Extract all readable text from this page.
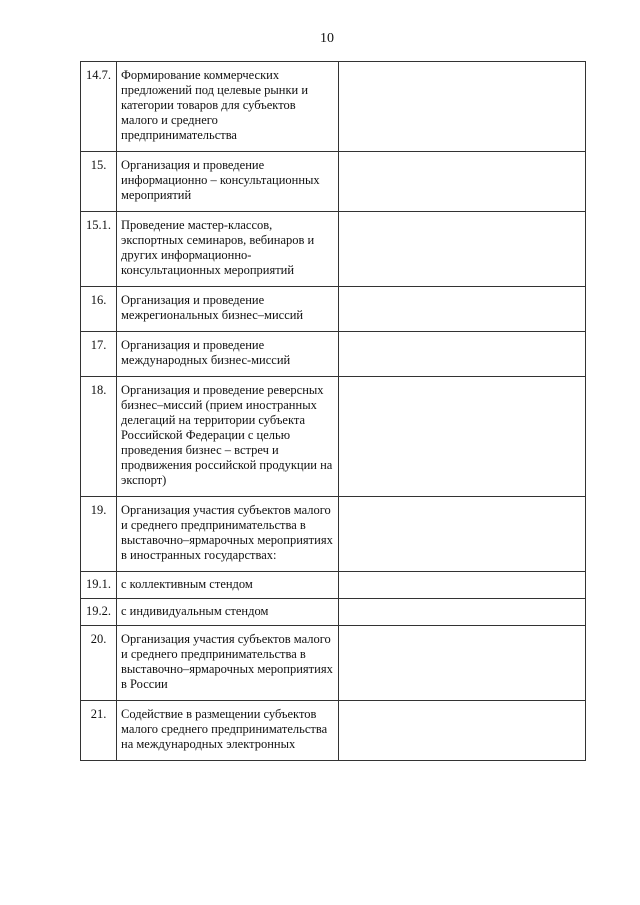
10
14.7.	Формирование коммерческих предложений под целевые рынки и категории товаров для субъектов малого и среднего предпринимательства	
15.	Организация и проведение информационно – консультационных мероприятий	
15.1.	Проведение мастер-классов, экспортных семинаров, вебинаров и других информационно-консультационных мероприятий	
16.	Организация и проведение межрегиональных бизнес–миссий	
17.	Организация и проведение международных бизнес-миссий	
18.	Организация и проведение реверсных бизнес–миссий (прием иностранных делегаций на территории субъекта Российской Федерации с целью проведения бизнес – встреч и продвижения российской продукции на экспорт)	
19.	Организация участия субъектов малого и среднего предпринимательства в выставочно–ярмарочных мероприятиях в иностранных государствах:	
19.1.	с коллективным стендом	
19.2.	с индивидуальным стендом	
20.	Организация участия субъектов малого и среднего предпринимательства в выставочно–ярмарочных мероприятиях в России	
21.	Содействие в размещении субъектов малого среднего предпринимательства на международных электронных	
